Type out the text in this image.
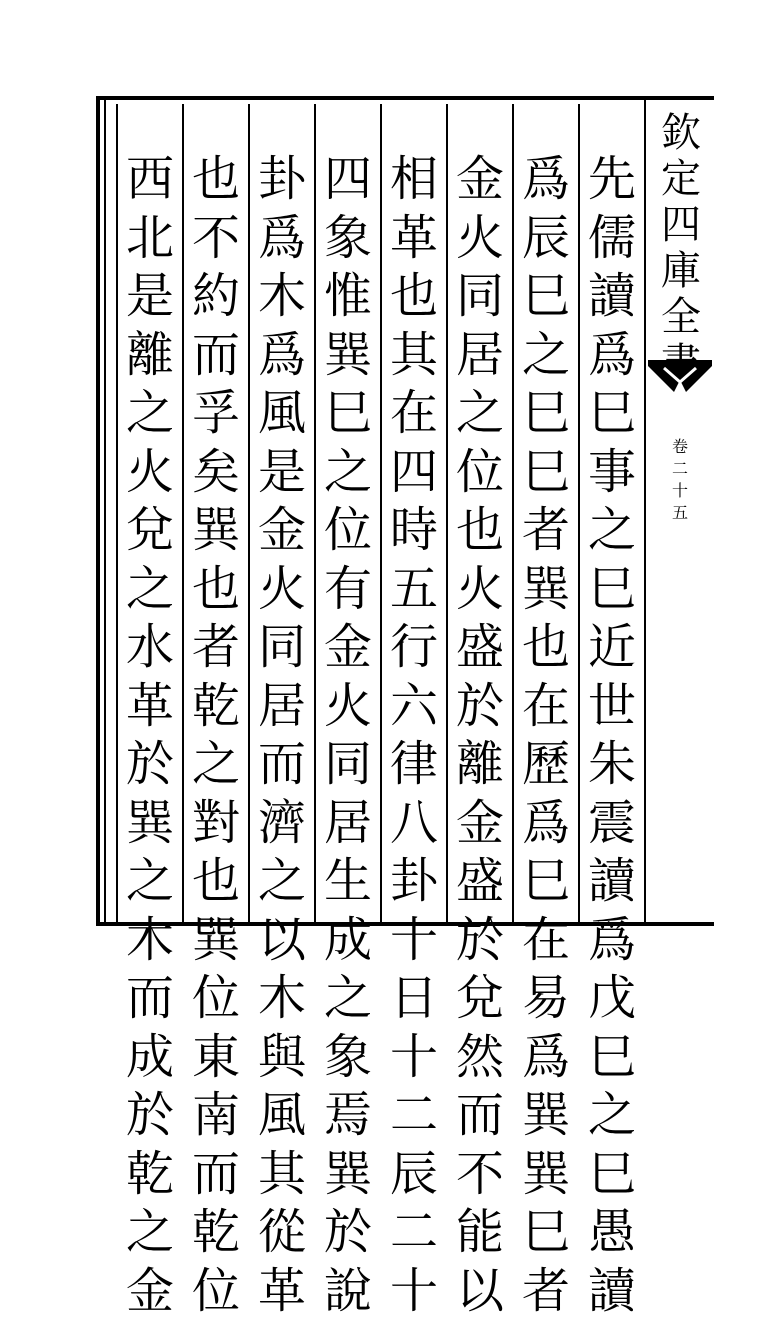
欽定四庫全
卷二十五
先儒讀爲巳事之巳近世朱震讀爲戊巳之巳愚讀
爲辰巳之巳巳者巽也在歷爲巳在易爲巽巽巳者
金火同居之位也火盛於離金盛於兌然而不能以
相革也其在四時五行六律八卦十日十二辰二十
四象惟巽巳之位有金火同居生成之象焉巽於說
卦爲木爲風是金火同居而濟之以木與風其從革
也不約而孚矣巽也者乾之對也巽位東南而乾位
西北是離之火兌之水革於巽之木而成於乾之金
